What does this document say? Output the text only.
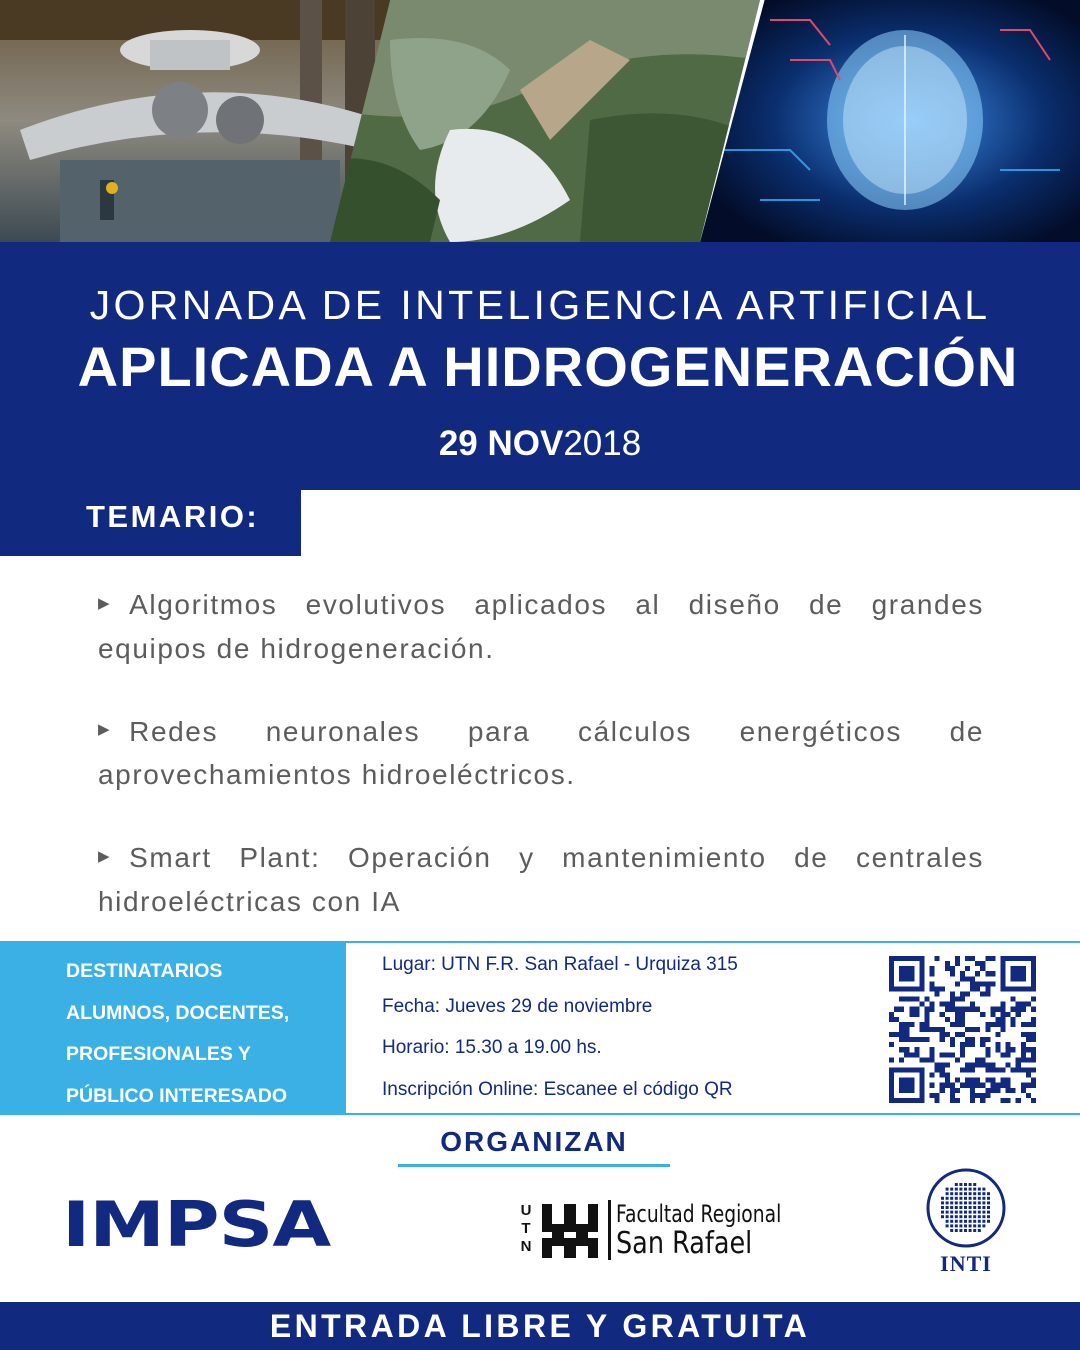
JORNADA DE INTELIGENCIA ARTIFICIAL
APLICADA A HIDROGENERACIÓN
29 NOV2018
TEMARIO:

▶ Algoritmos evolutivos aplicados al diseño de grandes equipos de hidrogeneración.

▶ Redes neuronales para cálculos energéticos de aprovechamientos hidroeléctricos.

▶ Smart Plant: Operación y mantenimiento de centrales hidroeléctricas con IA

DESTINATARIOS
ALUMNOS, DOCENTES,
PROFESIONALES Y
PÚBLICO INTERESADO
Lugar: UTN F.R. San Rafael - Urquiza 315
Fecha: Jueves 29 de noviembre
Horario: 15.30 a 19.00 hs.
Inscripción Online: Escanee el código QR
ORGANIZAN
IMPSA	U
T
N
Facultad Regional
San Rafael
INTI
ENTRADA LIBRE Y GRATUITA
